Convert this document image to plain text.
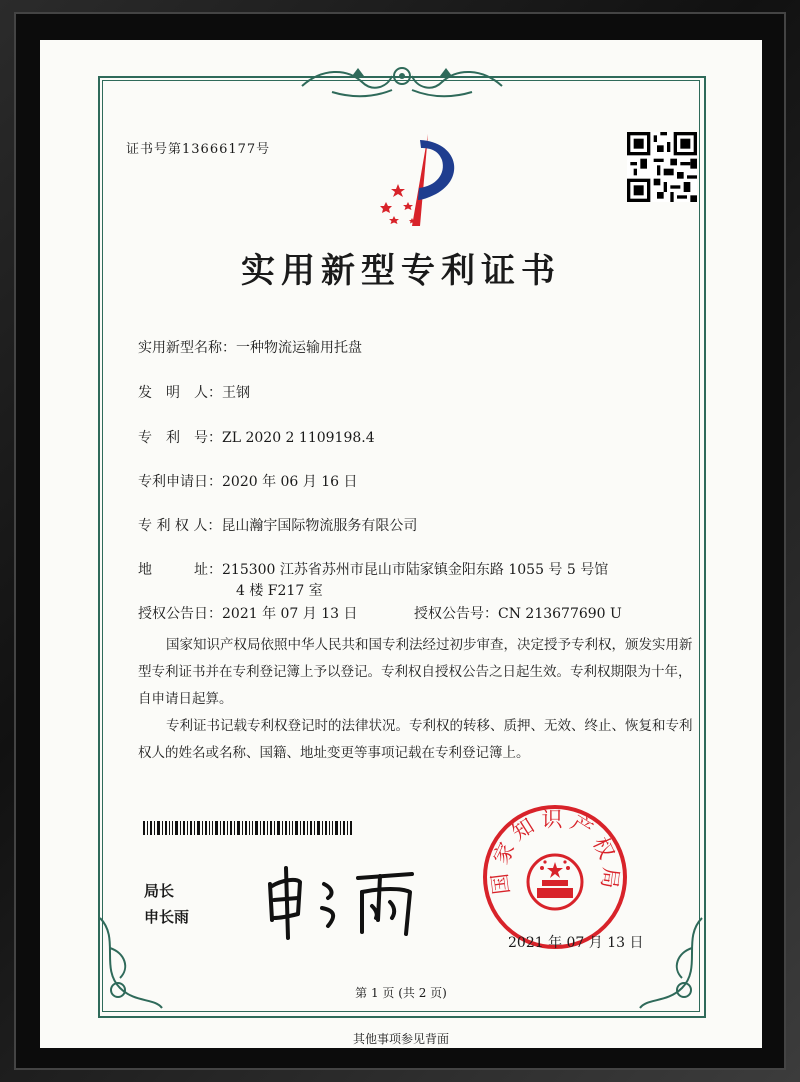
证书号第13666177号
实用新型专利证书
实用新型名称：一种物流运输用托盘
发　明　人：王钢
专　利　号：ZL 2020 2 1109198.4
专利申请日：2020 年 06 月 16 日
专 利 权 人：昆山瀚宇国际物流服务有限公司
地　　　址：215300 江苏省苏州市昆山市陆家镇金阳东路 1055 号 5 号馆
4 楼 F217 室
授权公告日：2021 年 07 月 13 日	授权公告号：CN 213677690 U
国家知识产权局依照中华人民共和国专利法经过初步审查，决定授予专利权，颁发实用新型专利证书并在专利登记簿上予以登记。专利权自授权公告之日起生效。专利权期限为十年，自申请日起算。
专利证书记载专利权登记时的法律状况。专利权的转移、质押、无效、终止、恢复和专利权人的姓名或名称、国籍、地址变更等事项记载在专利登记簿上。
局长
申长雨
国家知识产权局
2021 年 07 月 13 日
第 1 页 (共 2 页)
其他事项参见背面
